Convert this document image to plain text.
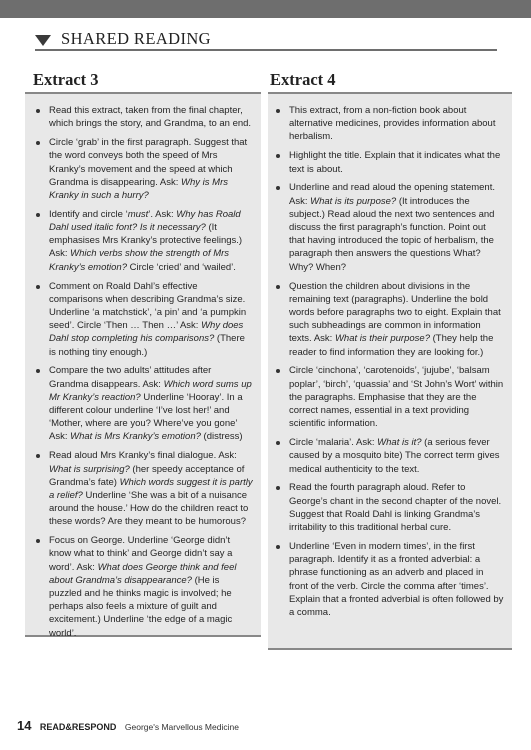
SHARED READING
Extract 3	Extract 4
Read this extract, taken from the final chapter, which brings the story, and Grandma, to an end.
Circle ‘grab’ in the first paragraph. Suggest that the word conveys both the speed of Mrs Kranky’s movement and the speed at which Grandma is disappearing. Ask: Why is Mrs Kranky in such a hurry?
Identify and circle ‘must’. Ask: Why has Roald Dahl used italic font? Is it necessary? (It emphasises Mrs Kranky’s protective feelings.) Ask: Which verbs show the strength of Mrs Kranky’s emotion? Circle ‘cried’ and ‘wailed’.
Comment on Roald Dahl’s effective comparisons when describing Grandma’s size. Underline ‘a matchstick’, ‘a pin’ and ‘a pumpkin seed’. Circle ‘Then … Then …’ Ask: Why does Dahl stop completing his comparisons? (There is nothing tiny enough.)
Compare the two adults’ attitudes after Grandma disappears. Ask: Which word sums up Mr Kranky’s reaction? Underline ‘Hooray’. In a different colour underline ‘I’ve lost her!’ and ‘Mother, where are you? Where’ve you gone’ Ask: What is Mrs Kranky’s emotion? (distress)
Read aloud Mrs Kranky’s final dialogue. Ask: What is surprising? (her speedy acceptance of Grandma’s fate) Which words suggest it is partly a relief? Underline ‘She was a bit of a nuisance around the house.’ How do the children react to these words? Are they meant to be humorous?
Focus on George. Underline ‘George didn’t know what to think’ and George didn’t say a word’. Ask: What does George think and feel about Grandma’s disappearance? (He is puzzled and he thinks magic is involved; he perhaps also feels a mixture of guilt and excitement.) Underline ‘the edge of a magic world’.
This extract, from a non-fiction book about alternative medicines, provides information about herbalism.
Highlight the title. Explain that it indicates what the text is about.
Underline and read aloud the opening statement. Ask: What is its purpose? (It introduces the subject.) Read aloud the next two sentences and discuss the first paragraph’s function. Point out that having introduced the topic of herbalism, the paragraph then answers the questions What? Why? When?
Question the children about divisions in the remaining text (paragraphs). Underline the bold words before paragraphs two to eight. Explain that such subheadings are common in information texts. Ask: What is their purpose? (They help the reader to find information they are looking for.)
Circle ‘cinchona’, ‘carotenoids’, ‘jujube’, ‘balsam poplar’, ‘birch’, ‘quassia’ and ‘St John’s Wort’ within the paragraphs. Emphasise that they are the correct names, essential in a text providing scientific information.
Circle ‘malaria’. Ask: What is it? (a serious fever caused by a mosquito bite) The correct term gives medical authenticity to the text.
Read the fourth paragraph aloud. Refer to George’s chant in the second chapter of the novel. Suggest that Roald Dahl is linking Grandma’s irritability to this traditional herbal cure.
Underline ‘Even in modern times’, in the first paragraph. Identify it as a fronted adverbial: a phrase functioning as an adverb and placed in front of the verb. Circle the comma after ‘times’. Explain that a fronted adverbial is often followed by a comma.
14 READ&RESPOND George's Marvellous Medicine
